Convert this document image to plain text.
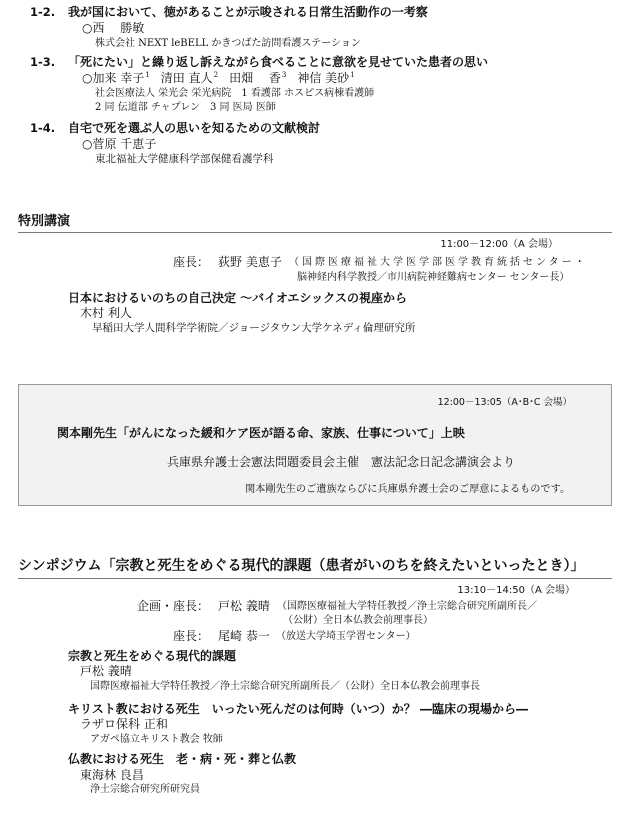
1-2. 我が国において、徳があることが示唆される日常生活動作の一考察
○西　 勝敏
株式会社 NEXT leBELL かきつばた訪問看護ステーション
1-3. 「死にたい」と繰り返し訴えながら食べることに意欲を見せていた患者の思い
○加来 幸子$^1$ 清田 直人$^2$ 田畑　 香$^3$ 神信 美砂$^1$
社会医療法人 栄光会 栄光病院　1 看護部 ホスピス病棟看護師
2 同 伝道部 チャプレン　3 同 医局 医師
1-4. 自宅で死を選ぶ人の思いを知るための文献検討
○菅原 千恵子
東北福祉大学健康科学部保健看護学科
特別講演
11:00－12:00（A 会場）
座長： 荻野 美恵子 （国際医療福祉大学医学部医学教育統括センター・
脳神経内科学教授／市川病院神経難病センター センター長）
日本におけるいのちの自己決定 ～バイオエシックスの視座から
木村 利人
早稲田大学人間科学学術院／ジョージタウン大学ケネディ倫理研究所
12:00－13:05（A･B･C 会場）
関本剛先生「がんになった緩和ケア医が語る命、家族、仕事について」上映
兵庫県弁護士会憲法問題委員会主催　憲法記念日記念講演会より
関本剛先生のご遺族ならびに兵庫県弁護士会のご厚意によるものです。
シンポジウム「宗教と死生をめぐる現代的課題（患者がいのちを終えたいといったとき）」
13:10－14:50（A 会場）
企画・座長： 戸松 義晴 （国際医療福祉大学特任教授／浄土宗総合研究所副所長／
（公財）全日本仏教会前理事長）
座長： 尾崎 恭一 （放送大学埼玉学習センター）
宗教と死生をめぐる現代的課題
戸松 義晴
国際医療福祉大学特任教授／浄土宗総合研究所副所長／（公財）全日本仏教会前理事長
キリスト教における死生　いったい死んだのは何時（いつ）か？ ―臨床の現場から―
ラザロ保科 正和
アガペ協立キリスト教会 牧師
仏教における死生　老・病・死・葬と仏教
東海林 良昌
浄土宗総合研究所研究員
